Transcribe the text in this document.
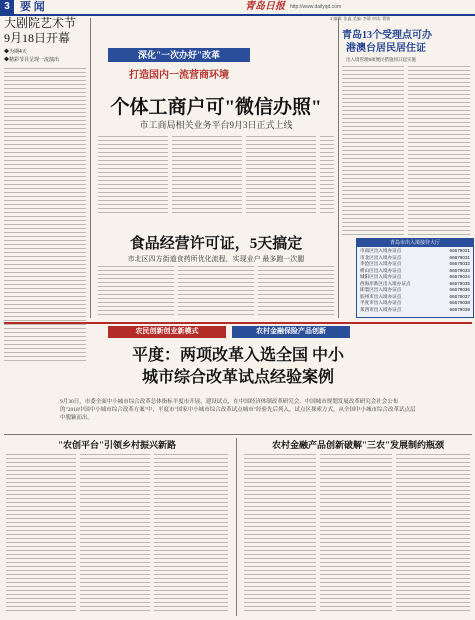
3 要 闻	青岛日报 http://www.dailyqd.com
3 编辑: 张鑫 美编: 李静 审读: 曹敏
大剧院艺术节
9月18日开幕
◆为期4天
◆精彩节目呈现一流演出	深化"一次办好"改革
打造国内一流营商环境
个体工商户可"微信办照"
市工商局相关业务平台9月3日正式上线
食品经营许可证，5天搞定
市北区四方街道食药所优化流程，实现业户 最多跑一次腿
青岛13个受理点可办
港澳台居民居住证
出入境管理9项便民措施同日起实施
青岛市出入境接待大厅
市南区出入境办证点	66679031
市北区出入境办证点	66679031
李沧区出入境办证点	66679032
崂山区出入境办证点	66679033
城阳区出入境办证点	66679034
西海岸新区出入境办证点	66679035
即墨区出入境办证点	66679036
胶州市出入境办证点	66679037
平度市出入境办证点	66679038
莱西市出入境办证点	66679039
农民创新创业新模式	农村金融保险产品创新
平度：两项改革入选全国 中小
城市综合改革试点经验案例
9月30日，市委全面中小城市综合改革总体指标平度市开展，建设试点，在中国经济体制改革研究会、中国城市规划发展改革研究会社会公布的"2018中国中小城市综合改革方案"中，平度市"国家中小城市综合改革试点城市"经验先后列入，试点区探索方式，从全国中小城市综合改革试点层中脱颖而出。
"农创平台"引领乡村振兴新路	农村金融产品创新破解"三农"发展制约瓶颈
